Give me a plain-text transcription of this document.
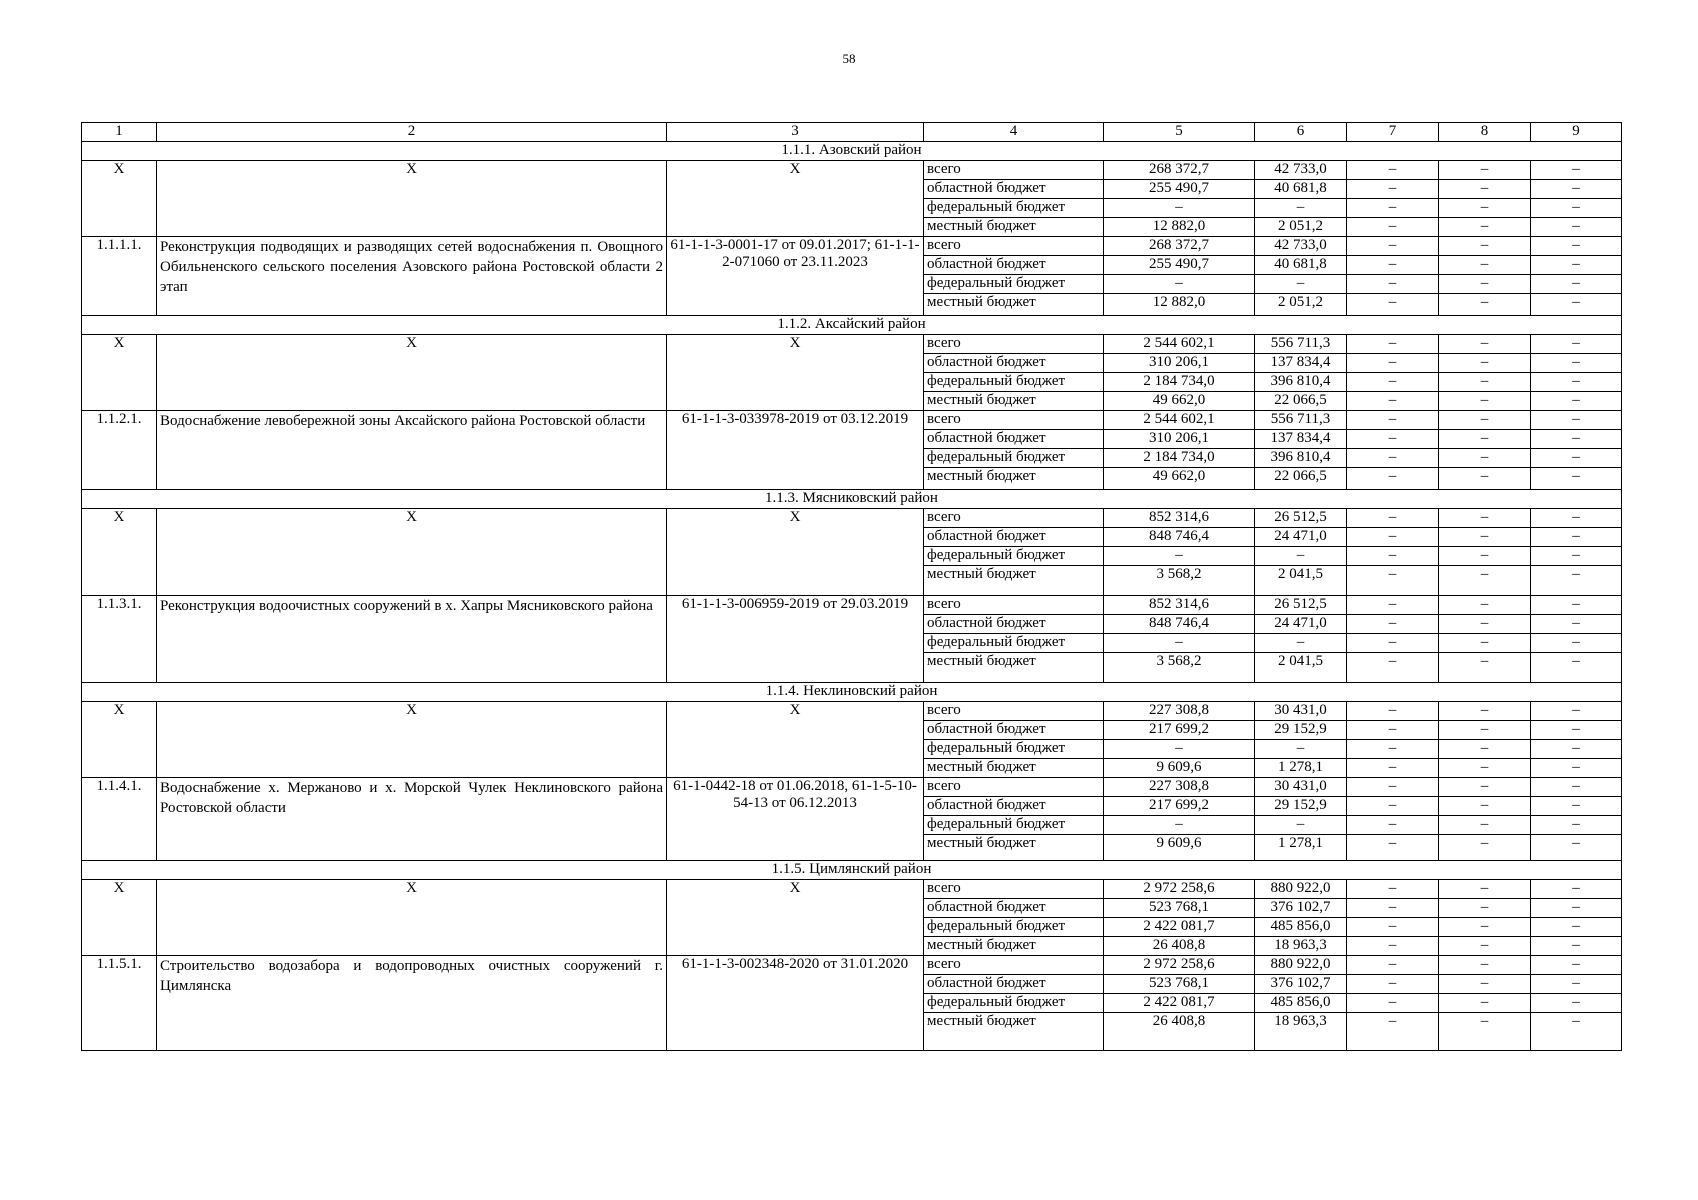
58
1	2	3	4	5	6	7	8	9
1.1.1. Азовский район								
Х	Х	Х	всего	268 372,7	42 733,0	–	–	–
			областной бюджет	255 490,7	40 681,8	–	–	–
			федеральный бюджет	–	–	–	–	–
			местный бюджет	12 882,0	2 051,2	–	–	–
1.1.1.1.	Реконструкция подводящих и разводящих сетей водоснабжения п. Овощного Обильненского сельского поселения Азовского района Ростовской области 2 этап	61-1-1-3-0001-17 от 09.01.2017; 61-1-1-2-071060 от 23.11.2023	всего	268 372,7	42 733,0	–	–	–
			областной бюджет	255 490,7	40 681,8	–	–	–
			федеральный бюджет	–	–	–	–	–
			местный бюджет	12 882,0	2 051,2	–	–	–
1.1.2. Аксайский район								
Х	Х	Х	всего	2 544 602,1	556 711,3	–	–	–
			областной бюджет	310 206,1	137 834,4	–	–	–
			федеральный бюджет	2 184 734,0	396 810,4	–	–	–
			местный бюджет	49 662,0	22 066,5	–	–	–
1.1.2.1.	Водоснабжение левобережной зоны Аксайского района Ростовской области	61-1-1-3-033978-2019 от 03.12.2019	всего	2 544 602,1	556 711,3	–	–	–
			областной бюджет	310 206,1	137 834,4	–	–	–
			федеральный бюджет	2 184 734,0	396 810,4	–	–	–
			местный бюджет	49 662,0	22 066,5	–	–	–
1.1.3. Мясниковский район								
Х	Х	Х	всего	852 314,6	26 512,5	–	–	–
			областной бюджет	848 746,4	24 471,0	–	–	–
			федеральный бюджет	–	–	–	–	–
			местный бюджет	3 568,2	2 041,5	–	–	–
1.1.3.1.	Реконструкция водоочистных сооружений в х. Хапры Мясниковского района	61-1-1-3-006959-2019 от 29.03.2019	всего	852 314,6	26 512,5	–	–	–
			областной бюджет	848 746,4	24 471,0	–	–	–
			федеральный бюджет	–	–	–	–	–
			местный бюджет	3 568,2	2 041,5	–	–	–
1.1.4. Неклиновский район								
Х	Х	Х	всего	227 308,8	30 431,0	–	–	–
			областной бюджет	217 699,2	29 152,9	–	–	–
			федеральный бюджет	–	–	–	–	–
			местный бюджет	9 609,6	1 278,1	–	–	–
1.1.4.1.	Водоснабжение х. Мержаново и х. Морской Чулек Неклиновского района Ростовской области	61-1-0442-18 от 01.06.2018, 61-1-5-10-54-13 от 06.12.2013	всего	227 308,8	30 431,0	–	–	–
			областной бюджет	217 699,2	29 152,9	–	–	–
			федеральный бюджет	–	–	–	–	–
			местный бюджет	9 609,6	1 278,1	–	–	–
1.1.5. Цимлянский район								
Х	Х	Х	всего	2 972 258,6	880 922,0	–	–	–
			областной бюджет	523 768,1	376 102,7	–	–	–
			федеральный бюджет	2 422 081,7	485 856,0	–	–	–
			местный бюджет	26 408,8	18 963,3	–	–	–
1.1.5.1.	Строительство водозабора и водопроводных очистных сооружений г. Цимлянска	61-1-1-3-002348-2020 от 31.01.2020	всего	2 972 258,6	880 922,0	–	–	–
			областной бюджет	523 768,1	376 102,7	–	–	–
			федеральный бюджет	2 422 081,7	485 856,0	–	–	–
			местный бюджет	26 408,8	18 963,3	–	–	–
